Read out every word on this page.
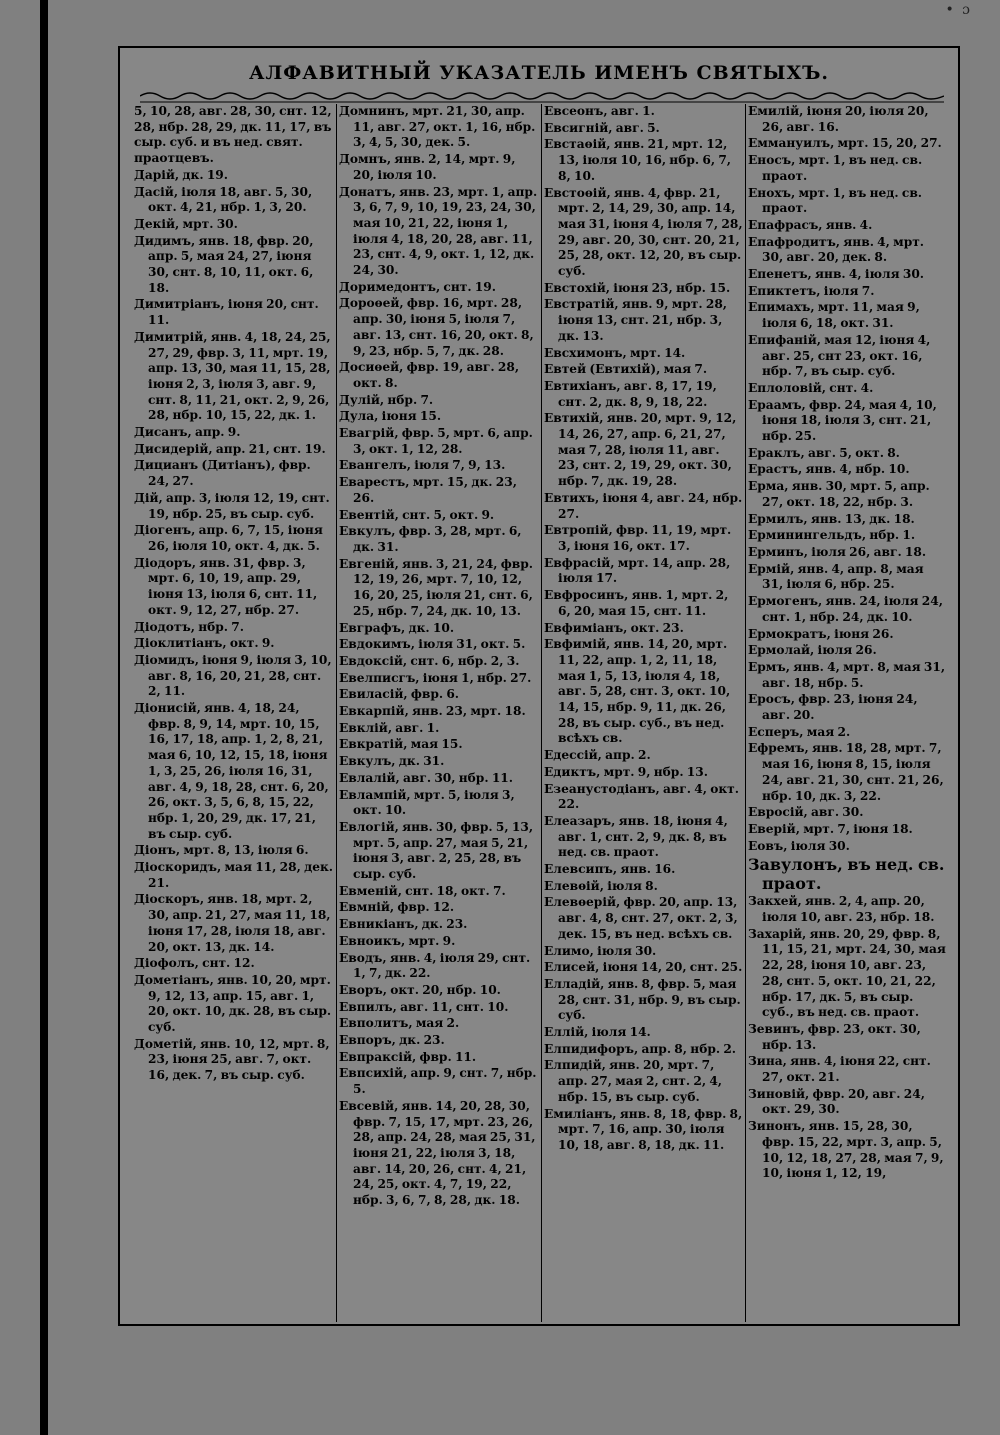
• ɔ
АЛФАВИТНЫЙ УКАЗАТЕЛЬ ИМЕНЪ СВЯТЫХЪ.
5, 10, 28, авг. 28, 30, снт. 12, 28, нбр. 28, 29, дк. 11, 17, въ сыр. суб. и въ нед. свят. праотцевъ.
Дарій, дк. 19.
Дасій, іюля 18, авг. 5, 30, окт. 4, 21, нбр. 1, 3, 20.
Декій, мрт. 30.
Дидимъ, янв. 18, фвр. 20, апр. 5, мая 24, 27, іюня 30, снт. 8, 10, 11, окт. 6, 18.
Димитріанъ, іюня 20, снт. 11.
Димитрій, янв. 4, 18, 24, 25, 27, 29, фвр. 3, 11, мрт. 19, апр. 13, 30, мая 11, 15, 28, іюня 2, 3, іюля 3, авг. 9, снт. 8, 11, 21, окт. 2, 9, 26, 28, нбр. 10, 15, 22, дк. 1.
Дисанъ, апр. 9.
Дисидерій, апр. 21, снт. 19.
Дицианъ (Дитіанъ), фвр. 24, 27.
Дій, апр. 3, іюля 12, 19, снт. 19, нбр. 25, въ сыр. суб.
Діогенъ, апр. 6, 7, 15, іюня 26, іюля 10, окт. 4, дк. 5.
Діодоръ, янв. 31, фвр. 3, мрт. 6, 10, 19, апр. 29, іюня 13, іюля 6, снт. 11, окт. 9, 12, 27, нбр. 27.
Діодотъ, нбр. 7.
Діоклитіанъ, окт. 9.
Діомидъ, іюня 9, іюля 3, 10, авг. 8, 16, 20, 21, 28, снт. 2, 11.
Діонисій, янв. 4, 18, 24, фвр. 8, 9, 14, мрт. 10, 15, 16, 17, 18, апр. 1, 2, 8, 21, мая 6, 10, 12, 15, 18, іюня 1, 3, 25, 26, іюля 16, 31, авг. 4, 9, 18, 28, снт. 6, 20, 26, окт. 3, 5, 6, 8, 15, 22, нбр. 1, 20, 29, дк. 17, 21, въ сыр. суб.
Діонъ, мрт. 8, 13, іюля 6.
Діоскоридъ, мая 11, 28, дек. 21.
Діоскоръ, янв. 18, мрт. 2, 30, апр. 21, 27, мая 11, 18, іюня 17, 28, іюля 18, авг. 20, окт. 13, дк. 14.
Діофолъ, снт. 12.
Дометіанъ, янв. 10, 20, мрт. 9, 12, 13, апр. 15, авг. 1, 20, окт. 10, дк. 28, въ сыр. суб.
Дометій, янв. 10, 12, мрт. 8, 23, іюня 25, авг. 7, окт. 16, дек. 7, въ сыр. суб.
Домнинъ, мрт. 21, 30, апр. 11, авг. 27, окт. 1, 16, нбр. 3, 4, 5, 30, дек. 5.
Домнъ, янв. 2, 14, мрт. 9, 20, іюля 10.
Донатъ, янв. 23, мрт. 1, апр. 3, 6, 7, 9, 10, 19, 23, 24, 30, мая 10, 21, 22, іюня 1, іюля 4, 18, 20, 28, авг. 11, 23, снт. 4, 9, окт. 1, 12, дк. 24, 30.
Доримедонтъ, снт. 19.
Дороѳей, фвр. 16, мрт. 28, апр. 30, іюня 5, іюля 7, авг. 13, снт. 16, 20, окт. 8, 9, 23, нбр. 5, 7, дк. 28.
Досиѳей, фвр. 19, авг. 28, окт. 8.
Дулій, нбр. 7.
Дула, іюня 15.
Евагрій, фвр. 5, мрт. 6, апр. 3, окт. 1, 12, 28.
Евангелъ, іюля 7, 9, 13.
Еварестъ, мрт. 15, дк. 23, 26.
Евентій, снт. 5, окт. 9.
Евкулъ, фвр. 3, 28, мрт. 6, дк. 31.
Евгеній, янв. 3, 21, 24, фвр. 12, 19, 26, мрт. 7, 10, 12, 16, 20, 25, іюля 21, снт. 6, 25, нбр. 7, 24, дк. 10, 13.
Евграфъ, дк. 10.
Евдокимъ, іюля 31, окт. 5.
Евдоксій, снт. 6, нбр. 2, 3.
Евелписгъ, іюня 1, нбр. 27.
Евиласій, фвр. 6.
Евкарпій, янв. 23, мрт. 18.
Евклій, авг. 1.
Евкратій, мая 15.
Евкулъ, дк. 31.
Евлалій, авг. 30, нбр. 11.
Евлампій, мрт. 5, іюля 3, окт. 10.
Евлогій, янв. 30, фвр. 5, 13, мрт. 5, апр. 27, мая 5, 21, іюня 3, авг. 2, 25, 28, въ сыр. суб.
Евменій, снт. 18, окт. 7.
Евмній, фвр. 12.
Евникіанъ, дк. 23.
Евноикъ, мрт. 9.
Еводъ, янв. 4, іюля 29, снт. 1, 7, дк. 22.
Еворъ, окт. 20, нбр. 10.
Евпилъ, авг. 11, снт. 10.
Евполитъ, мая 2.
Евпоръ, дк. 23.
Евпраксій, фвр. 11.
Евпсихій, апр. 9, снт. 7, нбр. 5.
Евсевій, янв. 14, 20, 28, 30, фвр. 7, 15, 17, мрт. 23, 26, 28, апр. 24, 28, мая 25, 31, іюня 21, 22, іюля 3, 18, авг. 14, 20, 26, снт. 4, 21, 24, 25, окт. 4, 7, 19, 22, нбр. 3, 6, 7, 8, 28, дк. 18.
Евсеонъ, авг. 1.
Евсигній, авг. 5.
Евстаѳій, янв. 21, мрт. 12, 13, іюля 10, 16, нбр. 6, 7, 8, 10.
Евстоѳій, янв. 4, фвр. 21, мрт. 2, 14, 29, 30, апр. 14, мая 31, іюня 4, іюля 7, 28, 29, авг. 20, 30, снт. 20, 21, 25, 28, окт. 12, 20, въ сыр. суб.
Евстохій, іюня 23, нбр. 15.
Евстратій, янв. 9, мрт. 28, іюня 13, снт. 21, нбр. 3, дк. 13.
Евсхимонъ, мрт. 14.
Евтей (Евтихій), мая 7.
Евтихіанъ, авг. 8, 17, 19, снт. 2, дк. 8, 9, 18, 22.
Евтихій, янв. 20, мрт. 9, 12, 14, 26, 27, апр. 6, 21, 27, мая 7, 28, іюля 11, авг. 23, снт. 2, 19, 29, окт. 30, нбр. 7, дк. 19, 28.
Евтихъ, іюня 4, авг. 24, нбр. 27.
Евтропій, фвр. 11, 19, мрт. 3, іюня 16, окт. 17.
Евфрасій, мрт. 14, апр. 28, іюля 17.
Евфросинъ, янв. 1, мрт. 2, 6, 20, мая 15, снт. 11.
Евфиміанъ, окт. 23.
Евфимій, янв. 14, 20, мрт. 11, 22, апр. 1, 2, 11, 18, мая 1, 5, 13, іюля 4, 18, авг. 5, 28, снт. 3, окт. 10, 14, 15, нбр. 9, 11, дк. 26, 28, въ сыр. суб., въ нед. всѣхъ св.
Едессій, апр. 2.
Едиктъ, мрт. 9, нбр. 13.
Езеанустодіанъ, авг. 4, окт. 22.
Елеазаръ, янв. 18, іюня 4, авг. 1, снт. 2, 9, дк. 8, въ нед. св. праот.
Елевсипъ, янв. 16.
Елевѳій, іюля 8.
Елевѳерій, фвр. 20, апр. 13, авг. 4, 8, снт. 27, окт. 2, 3, дек. 15, въ нед. всѣхъ св.
Елимо, іюля 30.
Елисей, іюня 14, 20, снт. 25.
Елладій, янв. 8, фвр. 5, мая 28, снт. 31, нбр. 9, въ сыр. суб.
Еллій, іюля 14.
Елпидифоръ, апр. 8, нбр. 2.
Елпидій, янв. 20, мрт. 7, апр. 27, мая 2, снт. 2, 4, нбр. 15, въ сыр. суб.
Емиліанъ, янв. 8, 18, фвр. 8, мрт. 7, 16, апр. 30, іюля 10, 18, авг. 8, 18, дк. 11.
Емилій, іюня 20, іюля 20, 26, авг. 16.
Еммануилъ, мрт. 15, 20, 27.
Еносъ, мрт. 1, въ нед. св. праот.
Енохъ, мрт. 1, въ нед. св. праот.
Епафрасъ, янв. 4.
Епафродитъ, янв. 4, мрт. 30, авг. 20, дек. 8.
Епенетъ, янв. 4, іюля 30.
Епиктетъ, іюля 7.
Епимахъ, мрт. 11, мая 9, іюля 6, 18, окт. 31.
Епифаній, мая 12, іюня 4, авг. 25, снт 23, окт. 16, нбр. 7, въ сыр. суб.
Еплоловій, снт. 4.
Ераамъ, фвр. 24, мая 4, 10, іюня 18, іюля 3, снт. 21, нбр. 25.
Ераклъ, авг. 5, окт. 8.
Ерастъ, янв. 4, нбр. 10.
Ерма, янв. 30, мрт. 5, апр. 27, окт. 18, 22, нбр. 3.
Ермилъ, янв. 13, дк. 18.
Ерминингельдъ, нбр. 1.
Ерминъ, іюля 26, авг. 18.
Ермій, янв. 4, апр. 8, мая 31, іюля 6, нбр. 25.
Ермогенъ, янв. 24, іюля 24, снт. 1, нбр. 24, дк. 10.
Ермократъ, іюня 26.
Ермолай, іюля 26.
Ермъ, янв. 4, мрт. 8, мая 31, авг. 18, нбр. 5.
Еросъ, фвр. 23, іюня 24, авг. 20.
Есперъ, мая 2.
Ефремъ, янв. 18, 28, мрт. 7, мая 16, іюня 8, 15, іюля 24, авг. 21, 30, снт. 21, 26, нбр. 10, дк. 3, 22.
Евросій, авг. 30.
Еверій, мрт. 7, іюня 18.
Еовъ, іюля 30.
Завулонъ, въ нед. св. праот.
Закхей, янв. 2, 4, апр. 20, іюля 10, авг. 23, нбр. 18.
Захарій, янв. 20, 29, фвр. 8, 11, 15, 21, мрт. 24, 30, мая 22, 28, іюня 10, авг. 23, 28, снт. 5, окт. 10, 21, 22, нбр. 17, дк. 5, въ сыр. суб., въ нед. св. праот.
Зевинъ, фвр. 23, окт. 30, нбр. 13.
Зина, янв. 4, іюня 22, снт. 27, окт. 21.
Зиновій, фвр. 20, авг. 24, окт. 29, 30.
Зинонъ, янв. 15, 28, 30, фвр. 15, 22, мрт. 3, апр. 5, 10, 12, 18, 27, 28, мая 7, 9, 10, іюня 1, 12, 19,
